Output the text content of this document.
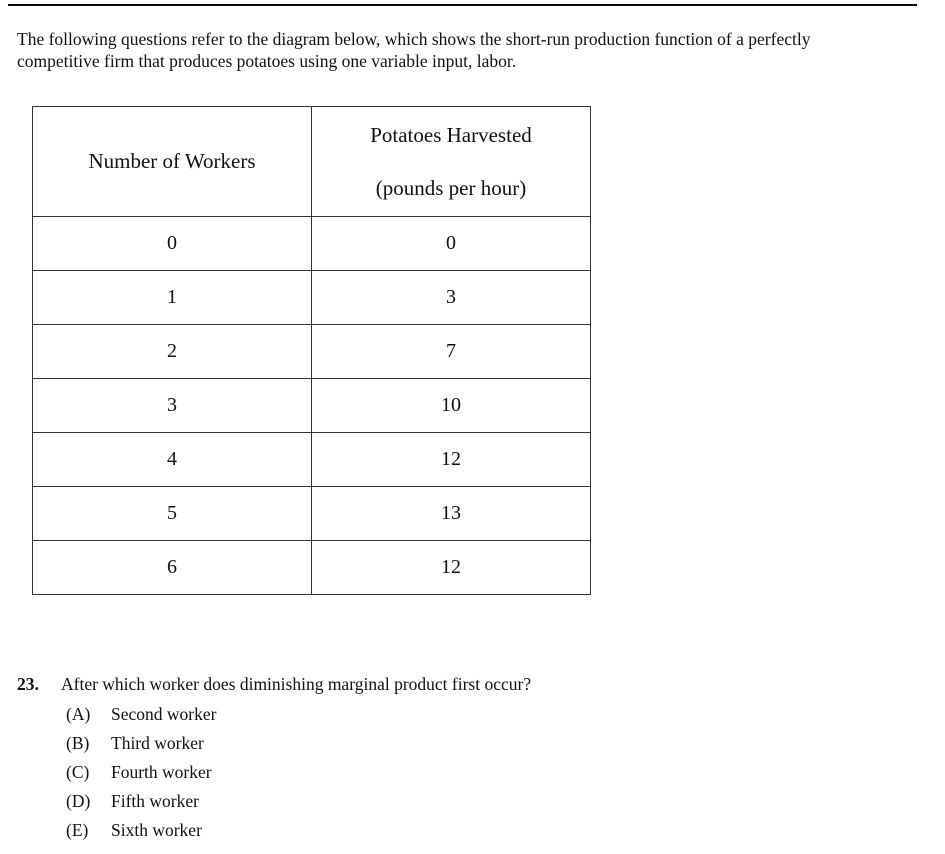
The following questions refer to the diagram below, which shows the short-run production function of a perfectly competitive firm that produces potatoes using one variable input, labor.

Number of Workers	Potatoes Harvested
(pounds per hour)

0	0
1	3
2	7
3	10
4	12
5	13
6	12
23. After which worker does diminishing marginal product first occur?
(A) Second worker
(B) Third worker
(C) Fourth worker
(D) Fifth worker
(E) Sixth worker
